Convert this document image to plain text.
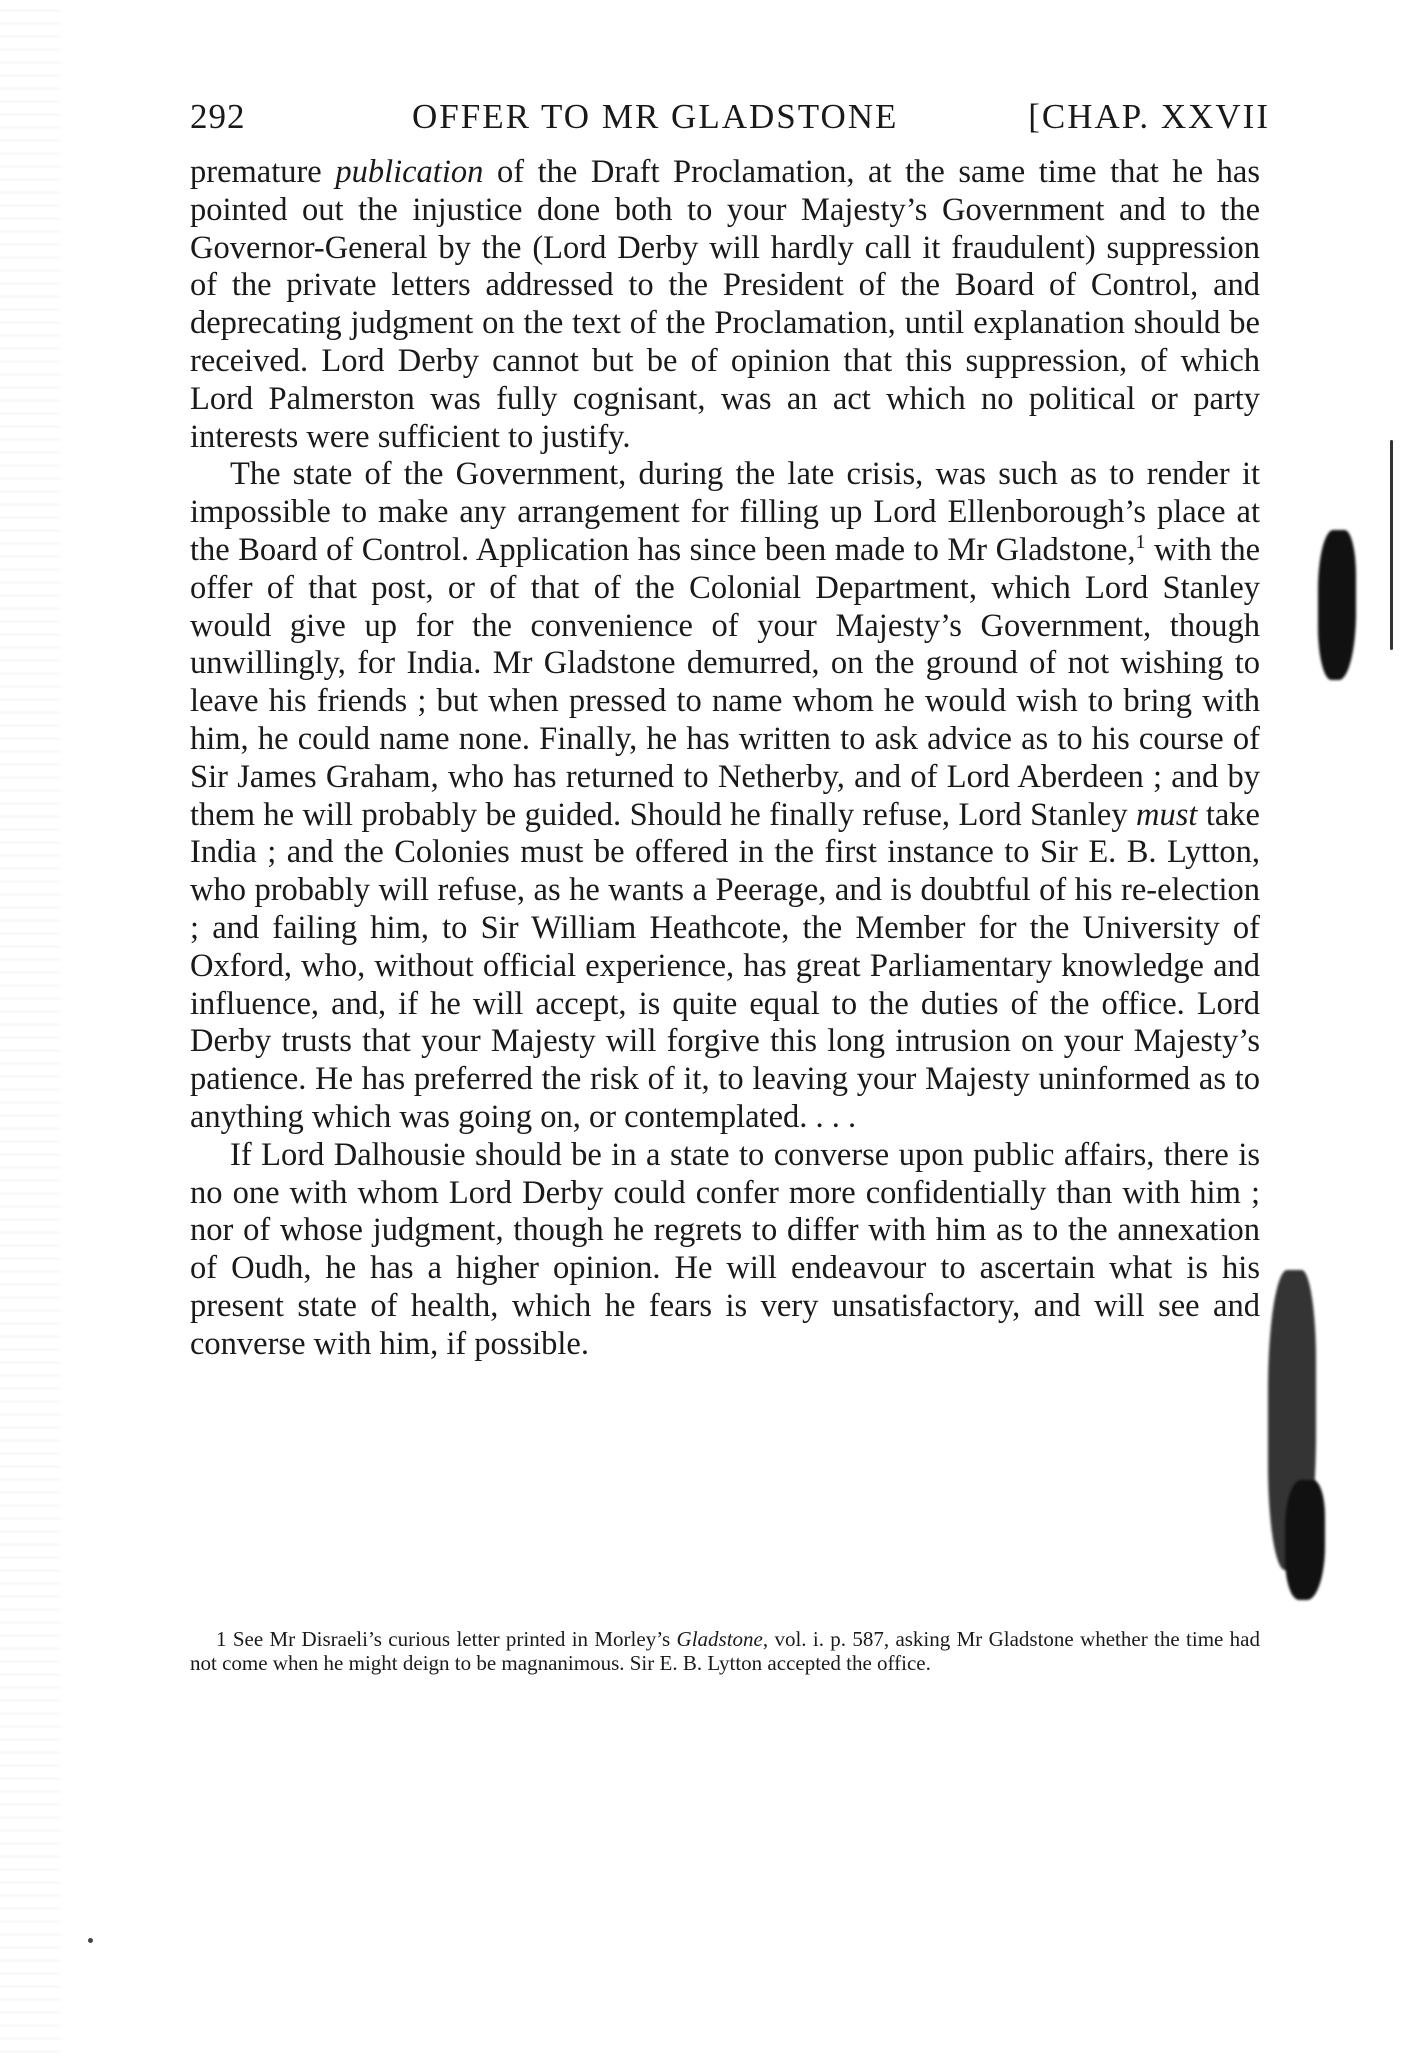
292	OFFER TO MR GLADSTONE	[CHAP. XXVII

premature publication of the Draft Proclamation, at the same time that he has pointed out the injustice done both to your Majesty’s Government and to the Governor-General by the (Lord Derby will hardly call it fraudulent) suppression of the private letters addressed to the President of the Board of Control, and deprecating judgment on the text of the Proclamation, until explanation should be received. Lord Derby cannot but be of opinion that this suppression, of which Lord Palmerston was fully cognisant, was an act which no political or party interests were sufficient to justify.

The state of the Government, during the late crisis, was such as to render it impossible to make any arrangement for filling up Lord Ellenborough’s place at the Board of Control. Application has since been made to Mr Gladstone,$^1$ with the offer of that post, or of that of the Colonial Department, which Lord Stanley would give up for the convenience of your Majesty’s Government, though unwillingly, for India. Mr Gladstone demurred, on the ground of not wishing to leave his friends ; but when pressed to name whom he would wish to bring with him, he could name none. Finally, he has written to ask advice as to his course of Sir James Graham, who has returned to Netherby, and of Lord Aberdeen ; and by them he will probably be guided. Should he finally refuse, Lord Stanley must take India ; and the Colonies must be offered in the first instance to Sir E. B. Lytton, who probably will refuse, as he wants a Peerage, and is doubtful of his re-election ; and failing him, to Sir William Heathcote, the Member for the University of Oxford, who, without official experience, has great Parliamentary knowledge and influence, and, if he will accept, is quite equal to the duties of the office. Lord Derby trusts that your Majesty will forgive this long intrusion on your Majesty’s patience. He has preferred the risk of it, to leaving your Majesty uninformed as to anything which was going on, or contemplated. . . .

If Lord Dalhousie should be in a state to converse upon public affairs, there is no one with whom Lord Derby could confer more confidentially than with him ; nor of whose judgment, though he regrets to differ with him as to the annexation of Oudh, he has a higher opinion. He will endeavour to ascertain what is his present state of health, which he fears is very unsatisfactory, and will see and converse with him, if possible.

1 See Mr Disraeli’s curious letter printed in Morley’s Gladstone, vol. i. p. 587, asking Mr Gladstone whether the time had not come when he might deign to be magnanimous. Sir E. B. Lytton accepted the office.
